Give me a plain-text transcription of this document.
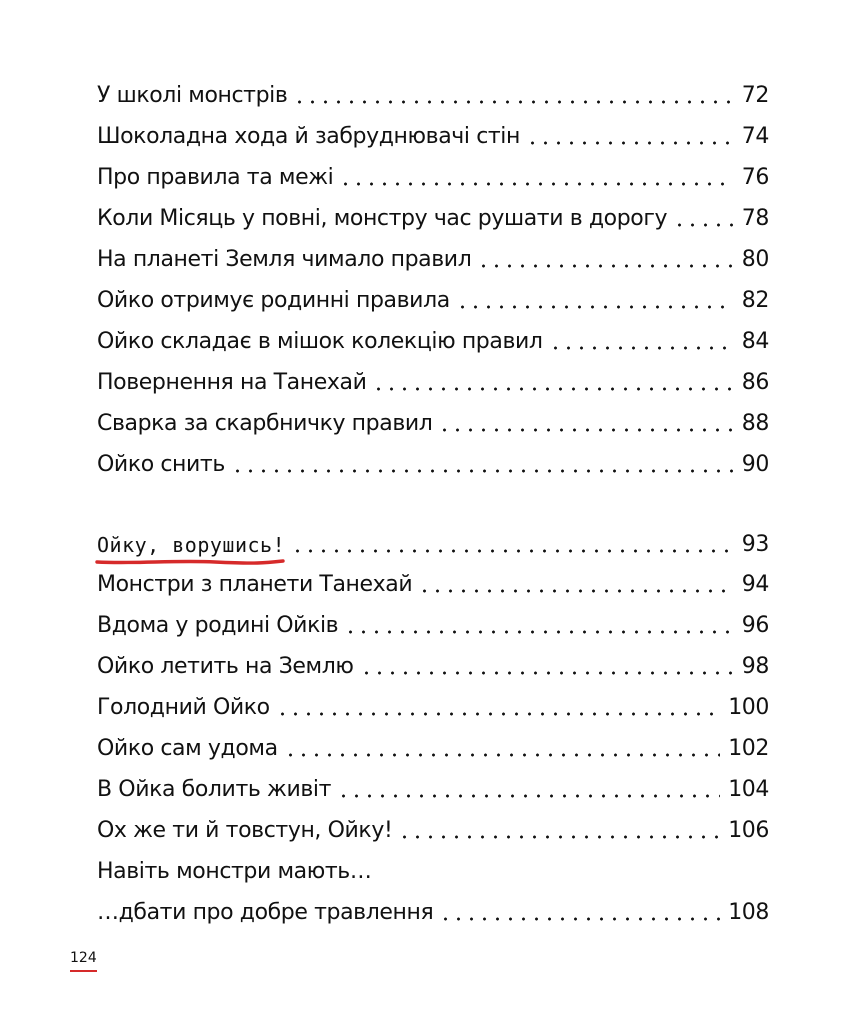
У школі монстрів	72
Шоколадна хода й забруднювачі стін	74
Про правила та межі	76
Коли Місяць у повні, монстру час рушати в дорогу	78
На планеті Земля чимало правил	80
Ойко отримує родинні правила	82
Ойко складає в мішок колекцію правил	84
Повернення на Танехай	86
Сварка за скарбничку правил	88
Ойко снить	90
Ойку, ворушись!	93
Монстри з планети Танехай	94
Вдома у родині Ойків	96
Ойко летить на Землю	98
Голодний Ойко	100
Ойко сам удома	102
В Ойка болить живіт	104
Ох же ти й товстун, Ойку!	106
Навіть монстри мають…
…дбати про добре травлення	108
124
